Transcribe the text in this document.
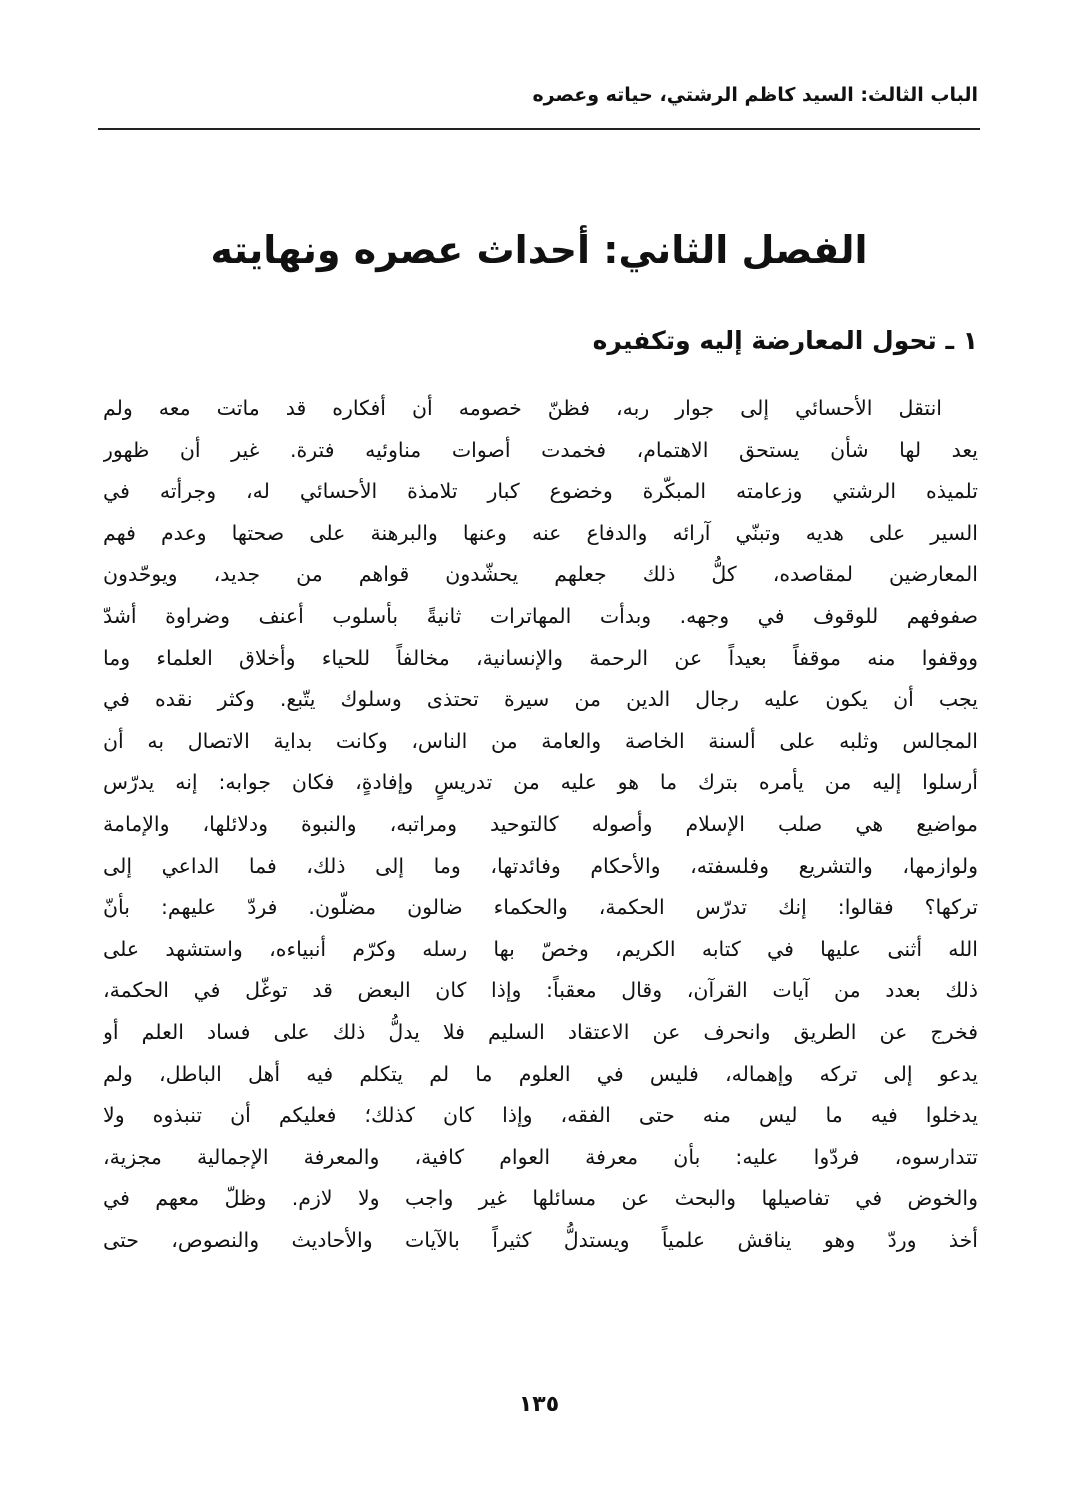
الباب الثالث: السيد كاظم الرشتي، حياته وعصره
الفصل الثاني: أحداث عصره ونهايته
١ ـ تحول المعارضة إليه وتكفيره
انتقل الأحسائي إلى جوار ربه، فظنّ خصومه أن أفكاره قد ماتت معه ولم
يعد لها شأن يستحق الاهتمام، فخمدت أصوات مناوئيه فترة. غير أن ظهور
تلميذه الرشتي وزعامته المبكّرة وخضوع كبار تلامذة الأحسائي له، وجرأته في
السير على هديه وتبنّي آرائه والدفاع عنه وعنها والبرهنة على صحتها وعدم فهم
المعارضين لمقاصده، كلُّ ذلك جعلهم يحشّدون قواهم من جديد، ويوحّدون
صفوفهم للوقوف في وجهه. وبدأت المهاترات ثانيةً بأسلوب أعنف وضراوة أشدّ
ووقفوا منه موقفاً بعيداً عن الرحمة والإنسانية، مخالفاً للحياء وأخلاق العلماء وما
يجب أن يكون عليه رجال الدين من سيرة تحتذى وسلوك يتّبع. وكثر نقده في
المجالس وثلبه على ألسنة الخاصة والعامة من الناس، وكانت بداية الاتصال به أن
أرسلوا إليه من يأمره بترك ما هو عليه من تدريسٍ وإفادةٍ، فكان جوابه: إنه يدرّس
مواضيع هي صلب الإسلام وأصوله كالتوحيد ومراتبه، والنبوة ودلائلها، والإمامة
ولوازمها، والتشريع وفلسفته، والأحكام وفائدتها، وما إلى ذلك، فما الداعي إلى
تركها؟ فقالوا: إنك تدرّس الحكمة، والحكماء ضالون مضلّون. فردّ عليهم: بأنّ
الله أثنى عليها في كتابه الكريم، وخصّ بها رسله وكرّم أنبياءه، واستشهد على
ذلك بعدد من آيات القرآن، وقال معقباً: وإذا كان البعض قد توغّل في الحكمة،
فخرج عن الطريق وانحرف عن الاعتقاد السليم فلا يدلُّ ذلك على فساد العلم أو
يدعو إلى تركه وإهماله، فليس في العلوم ما لم يتكلم فيه أهل الباطل، ولم
يدخلوا فيه ما ليس منه حتى الفقه، وإذا كان كذلك؛ فعليكم أن تنبذوه ولا
تتدارسوه، فردّوا عليه: بأن معرفة العوام كافية، والمعرفة الإجمالية مجزية،
والخوض في تفاصيلها والبحث عن مسائلها غير واجب ولا لازم. وظلّ معهم في
أخذ وردّ وهو يناقش علمياً ويستدلُّ كثيراً بالآيات والأحاديث والنصوص، حتى
١٣٥
